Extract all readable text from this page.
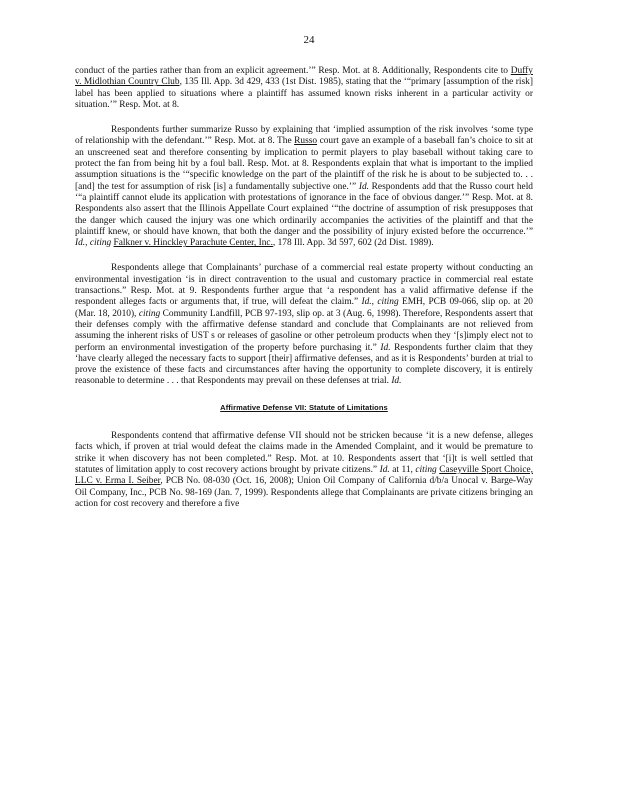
24

conduct of the parties rather than from an explicit agreement.’” Resp. Mot. at 8. Additionally, Respondents cite to Duffy v. Midlothian Country Club, 135 Ill. App. 3d 429, 433 (1st Dist. 1985), stating that the ‘“primary [assumption of the risk] label has been applied to situations where a plaintiff has assumed known risks inherent in a particular activity or situation.’” Resp. Mot. at 8.

Respondents further summarize Russo by explaining that ‘implied assumption of the risk involves ‘some type of relationship with the defendant.’” Resp. Mot. at 8. The Russo court gave an example of a baseball fan’s choice to sit at an unscreened seat and therefore consenting by implication to permit players to play baseball without taking care to protect the fan from being hit by a foul ball. Resp. Mot. at 8. Respondents explain that what is important to the implied assumption situations is the ‘“specific knowledge on the part of the plaintiff of the risk he is about to be subjected to. . . [and] the test for assumption of risk [is] a fundamentally subjective one.’” Id. Respondents add that the Russo court held ‘“a plaintiff cannot elude its application with protestations of ignorance in the face of obvious danger.’” Resp. Mot. at 8. Respondents also assert that the Illinois Appellate Court explained ‘“the doctrine of assumption of risk presupposes that the danger which caused the injury was one which ordinarily accompanies the activities of the plaintiff and that the plaintiff knew, or should have known, that both the danger and the possibility of injury existed before the occurrence.’” Id., citing Falkner v. Hinckley Parachute Center, Inc., 178 Ill. App. 3d 597, 602 (2d Dist. 1989).

Respondents allege that Complainants’ purchase of a commercial real estate property without conducting an environmental investigation ‘is in direct contravention to the usual and customary practice in commercial real estate transactions.” Resp. Mot. at 9. Respondents further argue that ‘a respondent has a valid affirmative defense if the respondent alleges facts or arguments that, if true, will defeat the claim.” Id., citing EMH, PCB 09-066, slip op. at 20 (Mar. 18, 2010), citing Community Landfill, PCB 97-193, slip op. at 3 (Aug. 6, 1998). Therefore, Respondents assert that their defenses comply with the affirmative defense standard and conclude that Complainants are not relieved from assuming the inherent risks of UST s or releases of gasoline or other petroleum products when they ‘[s]imply elect not to perform an environmental investigation of the property before purchasing it.” Id. Respondents further claim that they ‘have clearly alleged the necessary facts to support [their] affirmative defenses, and as it is Respondents’ burden at trial to prove the existence of these facts and circumstances after having the opportunity to complete discovery, it is entirely reasonable to determine . . . that Respondents may prevail on these defenses at trial. Id.

Affirmative Defense VII: Statute of Limitations

Respondents contend that affirmative defense VII should not be stricken because ‘it is a new defense, alleges facts which, if proven at trial would defeat the claims made in the Amended Complaint, and it would be premature to strike it when discovery has not been completed.” Resp. Mot. at 10. Respondents assert that ‘[i]t is well settled that statutes of limitation apply to cost recovery actions brought by private citizens.” Id. at 11, citing Caseyville Sport Choice, LLC v. Erma I. Seiber, PCB No. 08-030 (Oct. 16, 2008); Union Oil Company of California d/b/a Unocal v. Barge-Way Oil Company, Inc., PCB No. 98-169 (Jan. 7, 1999). Respondents allege that Complainants are private citizens bringing an action for cost recovery and therefore a five
